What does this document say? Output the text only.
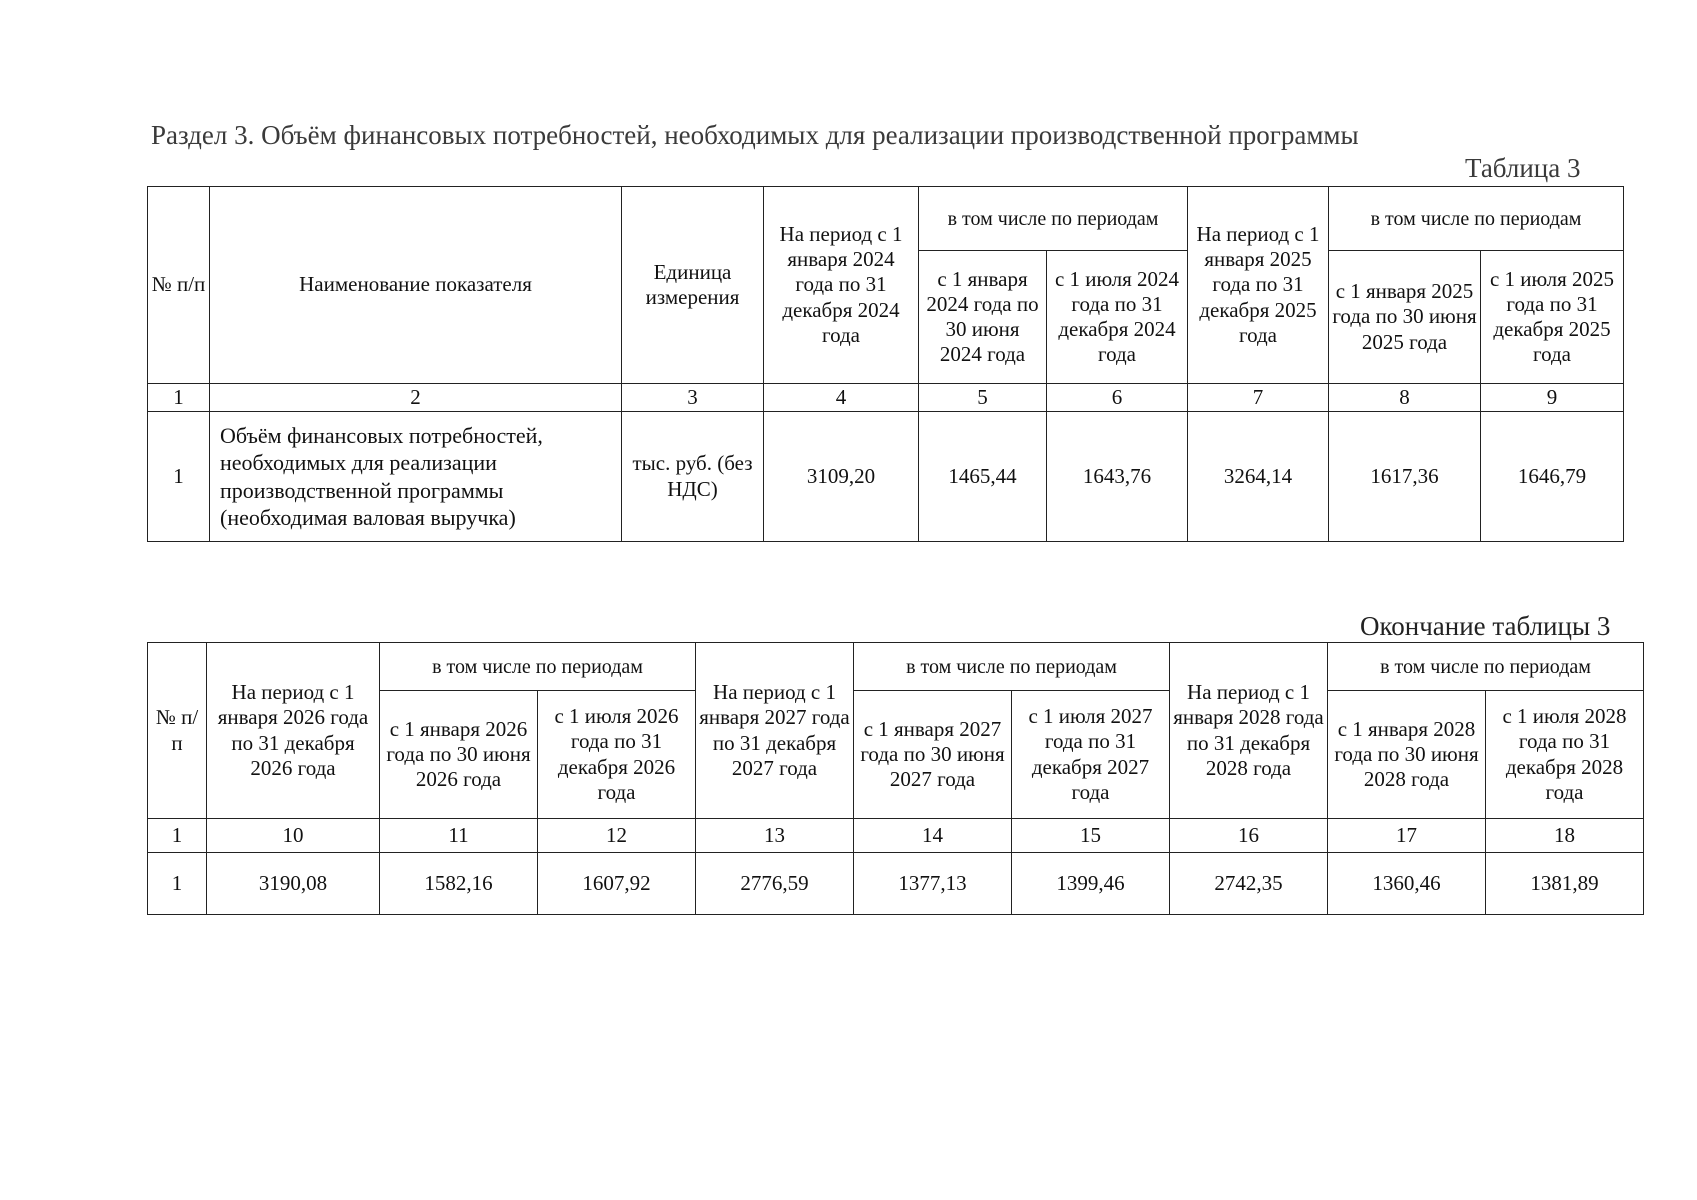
Раздел 3. Объём финансовых потребностей, необходимых для реализации производственной программы
Таблица 3
№ п/п	Наименование показателя	Единица измерения	На период с 1 января 2024 года по 31 декабря 2024 года	в том числе по периодам		На период с 1 января 2025 года по 31 декабря 2025 года	в том числе по периодам	
				с 1 января 2024 года по 30 июня 2024 года	с 1 июля 2024 года по 31 декабря 2024 года		с 1 января 2025 года по 30 июня 2025 года	с 1 июля 2025 года по 31 декабря 2025 года
1	2	3	4	5	6	7	8	9
1	Объём финансовых потребностей, необходимых для реализации производственной программы (необходимая валовая выручка)	тыс. руб. (без НДС)	3109,20	1465,44	1643,76	3264,14	1617,36	1646,79
Окончание таблицы 3
№ п/п	На период с 1 января 2026 года по 31 декабря 2026 года	в том числе по периодам		На период с 1 января 2027 года по 31 декабря 2027 года	в том числе по периодам		На период с 1 января 2028 года по 31 декабря 2028 года	в том числе по периодам	
		с 1 января 2026 года по 30 июня 2026 года	с 1 июля 2026 года по 31 декабря 2026 года		с 1 января 2027 года по 30 июня 2027 года	с 1 июля 2027 года по 31 декабря 2027 года		с 1 января 2028 года по 30 июня 2028 года	с 1 июля 2028 года по 31 декабря 2028 года
1	10	11	12	13	14	15	16	17	18
1	3190,08	1582,16	1607,92	2776,59	1377,13	1399,46	2742,35	1360,46	1381,89
